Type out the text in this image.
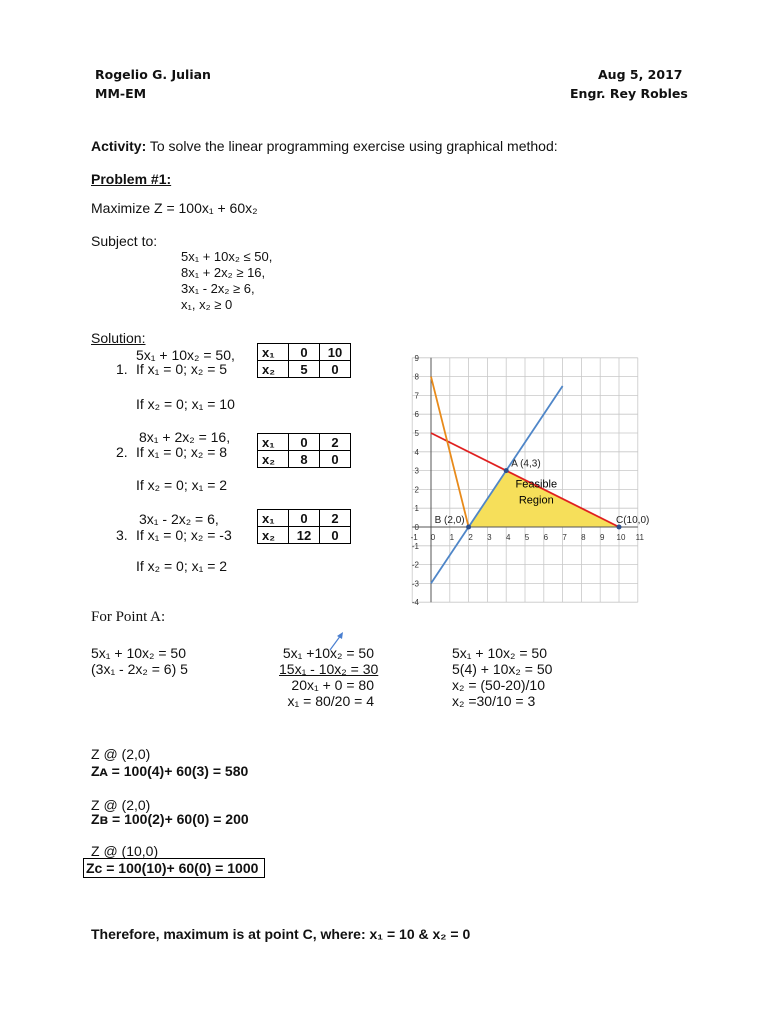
Rogelio G. Julian
MM-EM
Aug 5, 2017
Engr. Rey Robles
Activity: To solve the linear programming exercise using graphical method:
Problem #1:
Maximize Z = 100x₁ + 60x₂
Subject to:
5x₁ + 10x₂ ≤ 50,
8x₁ + 2x₂ ≥ 16,
3x₁ - 2x₂ ≥ 6,
x₁, x₂ ≥ 0
Solution:
5x₁ + 10x₂ = 50,
1. If x₁ = 0; x₂ = 5
If x₂ = 0; x₁ = 10
x₁	0	10
x₂	5	0
8x₁ + 2x₂ = 16,
2. If x₁ = 0; x₂ = 8
If x₂ = 0; x₁ = 2
x₁	0	2
x₂	8	0
3x₁ - 2x₂ = 6,
3. If x₁ = 0; x₂ = -3
If x₂ = 0; x₁ = 2
x₁	0	2
x₂	12	0	-1 0 1 2 3 4 5 6 7 8 9 10 11
9
8
7
6
5
4
3
2
1
0
-1
-2
-3
-4
A (4,3)
B (2,0)	C(10,0)
Feasible
Region
For Point A:
5x₁ + 10x₂ = 50
(3x₁ - 2x₂ = 6) 5
5x₁ +10x₂ = 50
15x₁ - 10x₂ = 30
20x₁ + 0 = 80
x₁ = 80/20 = 4
5x₁ + 10x₂ = 50
5(4) + 10x₂ = 50
x₂ = (50-20)/10
x₂ =30/10 = 3
Z @ (2,0)
Zᴀ = 100(4)+ 60(3) = 580
Z @ (2,0)
Zʙ = 100(2)+ 60(0) = 200
Z @ (10,0)
Zᴄ = 100(10)+ 60(0) = 1000
Therefore, maximum is at point C, where: x₁ = 10 & x₂ = 0
